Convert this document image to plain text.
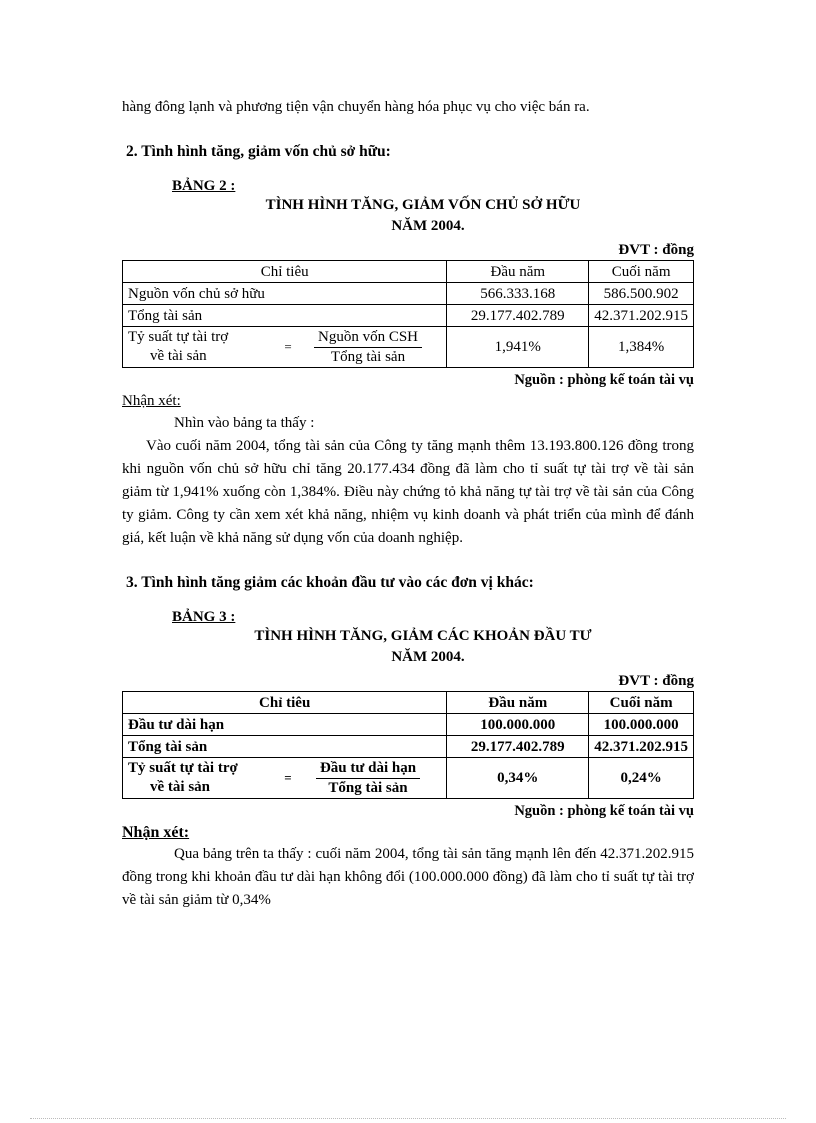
hàng đông lạnh và phương tiện vận chuyển hàng hóa phục vụ cho việc bán ra.

2. Tình hình tăng, giảm vốn chủ sở hữu:

BẢNG 2 :

TÌNH HÌNH TĂNG, GIẢM VỐN CHỦ SỞ HỮU

NĂM 2004.

ĐVT : đồng

Chỉ tiêu	Đầu năm	Cuối năm
Nguồn vốn chủ sở hữu	566.333.168	586.500.902
Tổng tài sản	29.177.402.789	42.371.202.915

Tỷ suất tự tài trợ
về tài sản
= $\frac{\text{Nguồn vốn CSH}}{\text{Tổng tài sản}}$	1,941%	1,384%

Nguồn : phòng kế toán tài vụ

Nhận xét:

Nhìn vào bảng ta thấy :

Vào cuối năm 2004, tổng tài sản của Công ty tăng mạnh thêm 13.193.800.126 đồng trong khi nguồn vốn chủ sở hữu chỉ tăng 20.177.434 đồng đã làm cho tỉ suất tự tài trợ về tài sản giảm từ 1,941% xuống còn 1,384%. Điều này chứng tỏ khả năng tự tài trợ về tài sản của Công ty giảm. Công ty cần xem xét khả năng, nhiệm vụ kinh doanh và phát triển của mình để đánh giá, kết luận về khả năng sử dụng vốn của doanh nghiệp.

3. Tình hình tăng giảm các khoản đầu tư vào các đơn vị khác:

BẢNG 3 :

TÌNH HÌNH TĂNG, GIẢM CÁC KHOẢN ĐẦU TƯ

NĂM 2004.

ĐVT : đồng

Chỉ tiêu	Đầu năm	Cuối năm
Đầu tư dài hạn	100.000.000	100.000.000
Tổng tài sản	29.177.402.789	42.371.202.915

Tỷ suất tự tài trợ
về tài sản
= $\frac{\text{Đầu tư dài hạn}}{\text{Tổng tài sản}}$	0,34%	0,24%

Nguồn : phòng kế toán tài vụ

Nhận xét:

Qua bảng trên ta thấy : cuối năm 2004, tổng tài sản tăng mạnh lên đến 42.371.202.915 đồng trong khi khoản đầu tư dài hạn không đổi (100.000.000 đồng) đã làm cho tỉ suất tự tài trợ về tài sản giảm từ 0,34%
